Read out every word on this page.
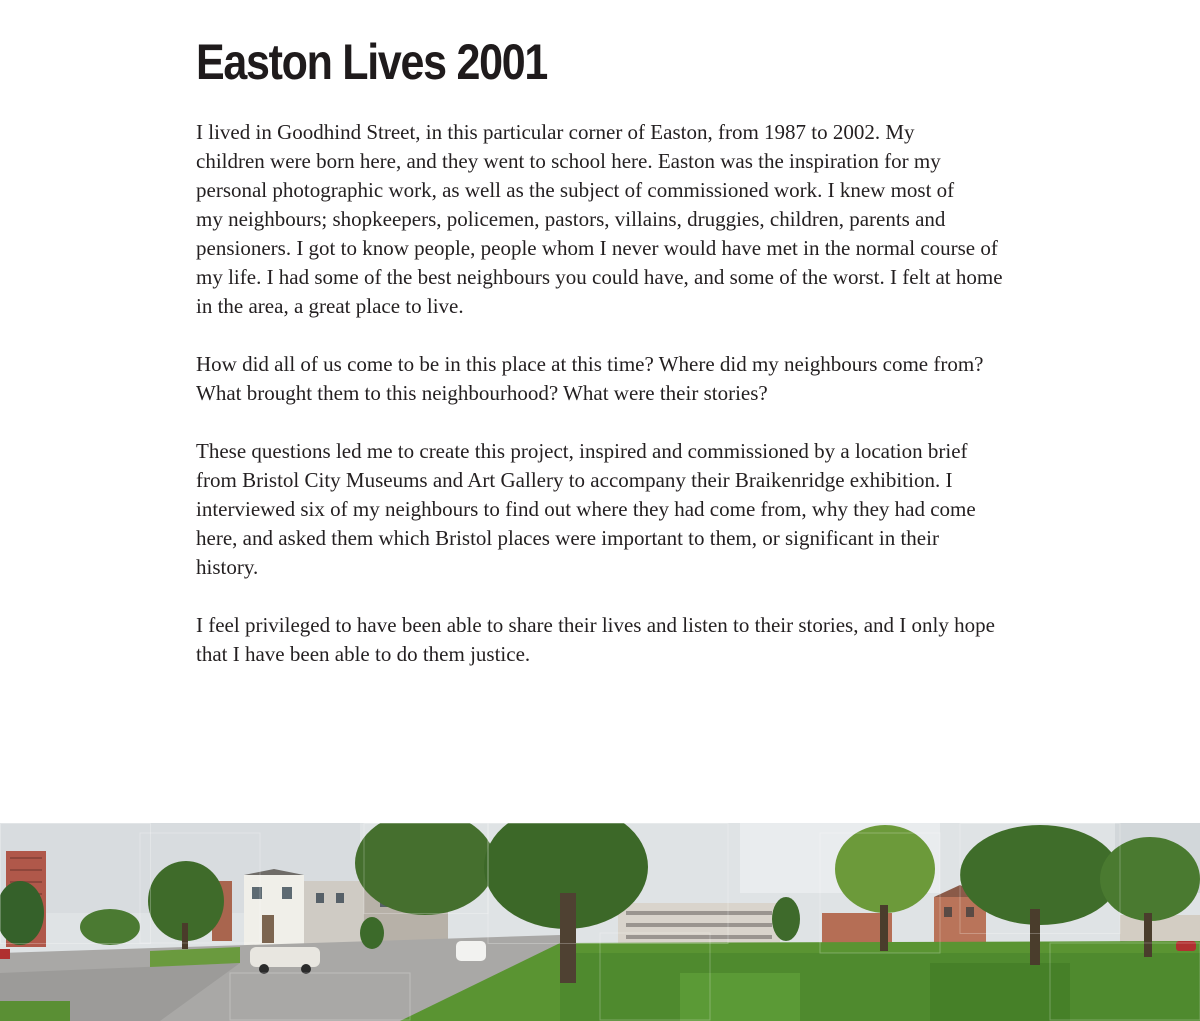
Easton Lives 2001

I lived in Goodhind Street, in this particular corner of Easton, from 1987 to 2002. My
children were born here, and they went to school here. Easton was the inspiration for my
personal photographic work, as well as the subject of commissioned work. I knew most of
my neighbours; shopkeepers, policemen, pastors, villains, druggies, children, parents and
pensioners. I got to know people, people whom I never would have met in the normal course of
my life. I had some of the best neighbours you could have, and some of the worst. I felt at home
in the area, a great place to live.

How did all of us come to be in this place at this time? Where did my neighbours come from?
What brought them to this neighbourhood? What were their stories?

These questions led me to create this project, inspired and commissioned by a location brief
from Bristol City Museums and Art Gallery to accompany their Braikenridge exhibition. I
interviewed six of my neighbours to find out where they had come from, why they had come
here, and asked them which Bristol places were important to them, or significant in their
history.

I feel privileged to have been able to share their lives and listen to their stories, and I only hope
that I have been able to do them justice.
